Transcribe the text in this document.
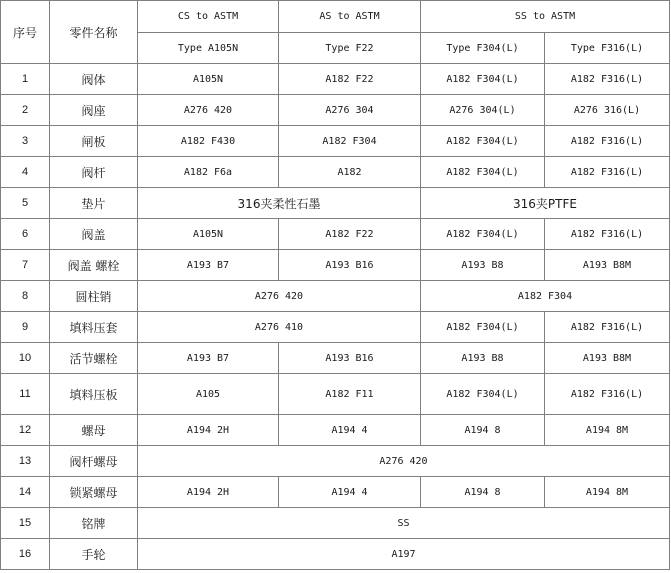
序号	零件名称	CS to ASTM	AS to ASTM	SS to ASTM	
		Type A105N	Type F22	Type F304(L)	Type F316(L)
1	阀体	A105N	A182 F22	A182 F304(L)	A182 F316(L)
2	阀座	A276 420	A276 304	A276 304(L)	A276 316(L)
3	闸板	A182 F430	A182 F304	A182 F304(L)	A182 F316(L)
4	阀杆	A182 F6a	A182	A182 F304(L)	A182 F316(L)
5	垫片	316夹柔性石墨		316夹PTFE	
6	阀盖	A105N	A182 F22	A182 F304(L)	A182 F316(L)
7	阀盖 螺栓	A193 B7	A193 B16	A193 B8	A193 B8M
8	圆柱销	A276 420		A182 F304	
9	填料压套	A276 410		A182 F304(L)	A182 F316(L)
10	活节螺栓	A193 B7	A193 B16	A193 B8	A193 B8M
11	填料压板	A105	A182 F11	A182 F304(L)	A182 F316(L)
12	螺母	A194 2H	A194 4	A194 8	A194 8M
13	阀杆螺母	A276 420			
14	锁紧螺母	A194 2H	A194 4	A194 8	A194 8M
15	铭牌	SS			
16	手轮	A197			
